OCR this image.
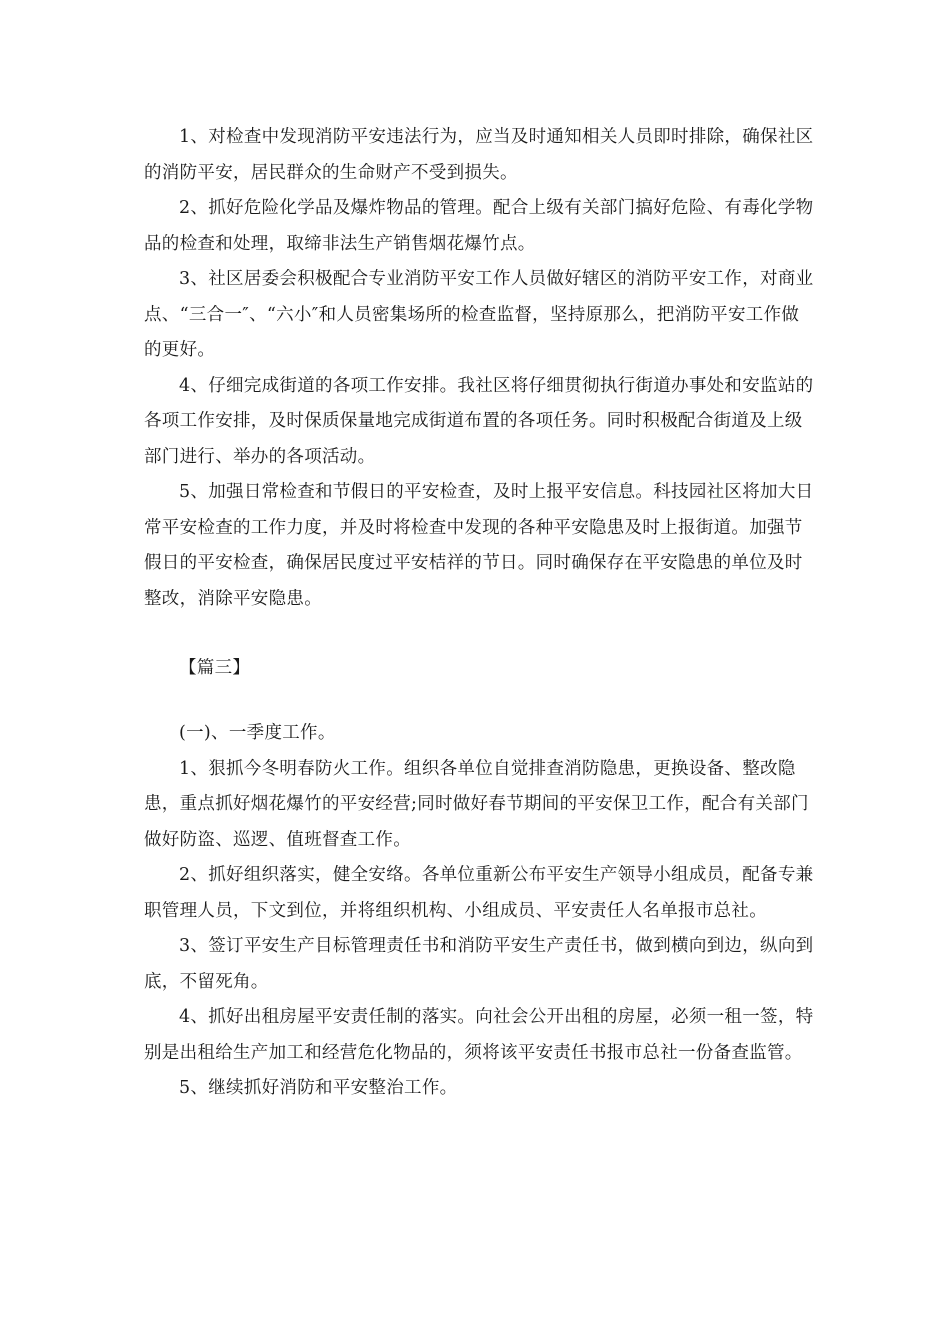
1、对检查中发现消防平安违法行为，应当及时通知相关人员即时排除，确保社区的消防平安，居民群众的生命财产不受到损失。

2、抓好危险化学品及爆炸物品的管理。配合上级有关部门搞好危险、有毒化学物品的检查和处理，取缔非法生产销售烟花爆竹点。

3、社区居委会积极配合专业消防平安工作人员做好辖区的消防平安工作，对商业点、“三合一″、“六小″和人员密集场所的检查监督，坚持原那么，把消防平安工作做的更好。

4、仔细完成街道的各项工作安排。我社区将仔细贯彻执行街道办事处和安监站的各项工作安排，及时保质保量地完成街道布置的各项任务。同时积极配合街道及上级部门进行、举办的各项活动。

5、加强日常检查和节假日的平安检查，及时上报平安信息。科技园社区将加大日常平安检查的工作力度，并及时将检查中发现的各种平安隐患及时上报街道。加强节假日的平安检查，确保居民度过平安桔祥的节日。同时确保存在平安隐患的单位及时整改，消除平安隐患。

【篇三】

(一)、一季度工作。

1、狠抓今冬明春防火工作。组织各单位自觉排查消防隐患，更换设备、整改隐患，重点抓好烟花爆竹的平安经营;同时做好春节期间的平安保卫工作，配合有关部门做好防盗、巡逻、值班督查工作。

2、抓好组织落实，健全安络。各单位重新公布平安生产领导小组成员，配备专兼职管理人员，下文到位，并将组织机构、小组成员、平安责任人名单报市总社。

3、签订平安生产目标管理责任书和消防平安生产责任书，做到横向到边，纵向到底，不留死角。

4、抓好出租房屋平安责任制的落实。向社会公开出租的房屋，必须一租一签，特别是出租给生产加工和经营危化物品的，须将该平安责任书报市总社一份备查监管。

5、继续抓好消防和平安整治工作。
